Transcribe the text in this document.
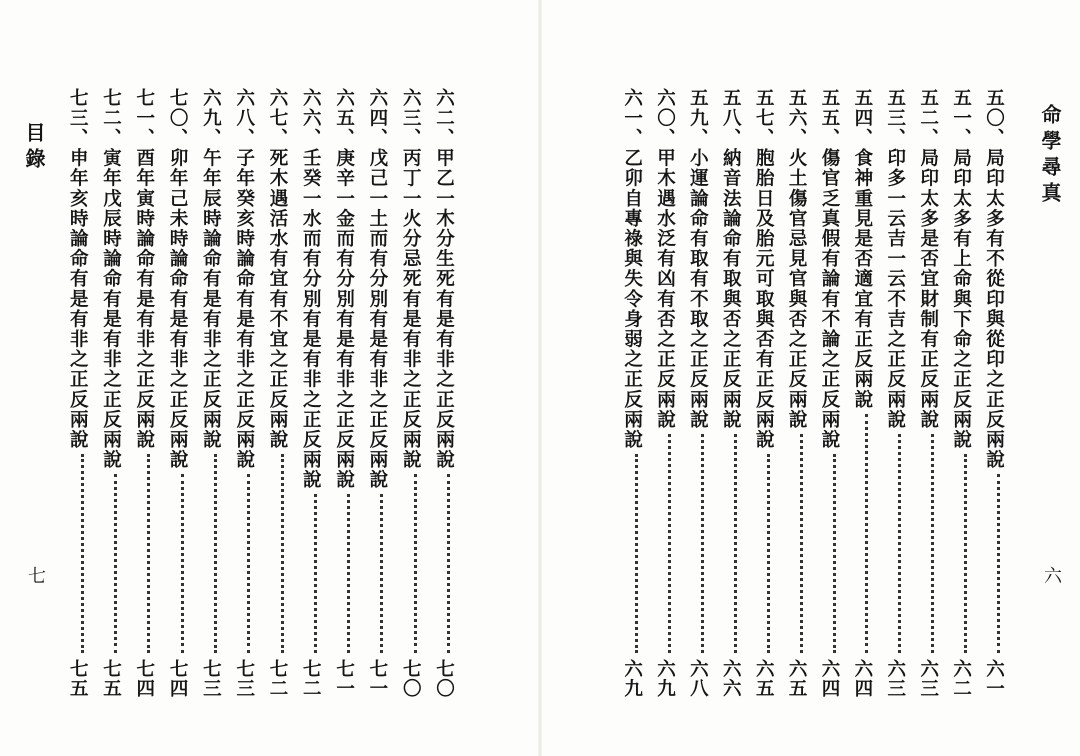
目錄
七
六二、甲乙一木分生死有是有非之正反兩說
七〇
六三、丙丁一火分忌死有是有非之正反兩說
七〇
六四、戊己一土而有分別有是有非之正反兩說
七一
六五、庚辛一金而有分別有是有非之正反兩說
七一
六六、壬癸一水而有分別有是有非之正反兩說
七二
六七、死木遇活水有宜有不宜之正反兩說
七二
六八、子年癸亥時論命有是有非之正反兩說
七三
六九、午年辰時論命有是有非之正反兩說
七三
七〇、卯年己未時論命有是有非之正反兩說
七四
七一、酉年寅時論命有是有非之正反兩說
七四
七二、寅年戊辰時論命有是有非之正反兩說
七五
七三、申年亥時論命有是有非之正反兩說
七五
命學尋真
六
五〇、局印太多有不從印與從印之正反兩說
六一
五一、局印太多有上命與下命之正反兩說
六二
五二、局印太多是否宜財制有正反兩說
六三
五三、印多一云吉一云不吉之正反兩說
六三
五四、食神重見是否適宜有正反兩說
六四
五五、傷官乏真假有論有不論之正反兩說
六四
五六、火土傷官忌見官與否之正反兩說
六五
五七、胞胎日及胎元可取與否有正反兩說
六五
五八、納音法論命有取與否之正反兩說
六六
五九、小運論命有取有不取之正反兩說
六八
六〇、甲木遇水泛有凶有否之正反兩說
六九
六一、乙卯自專祿與失令身弱之正反兩說
六九
